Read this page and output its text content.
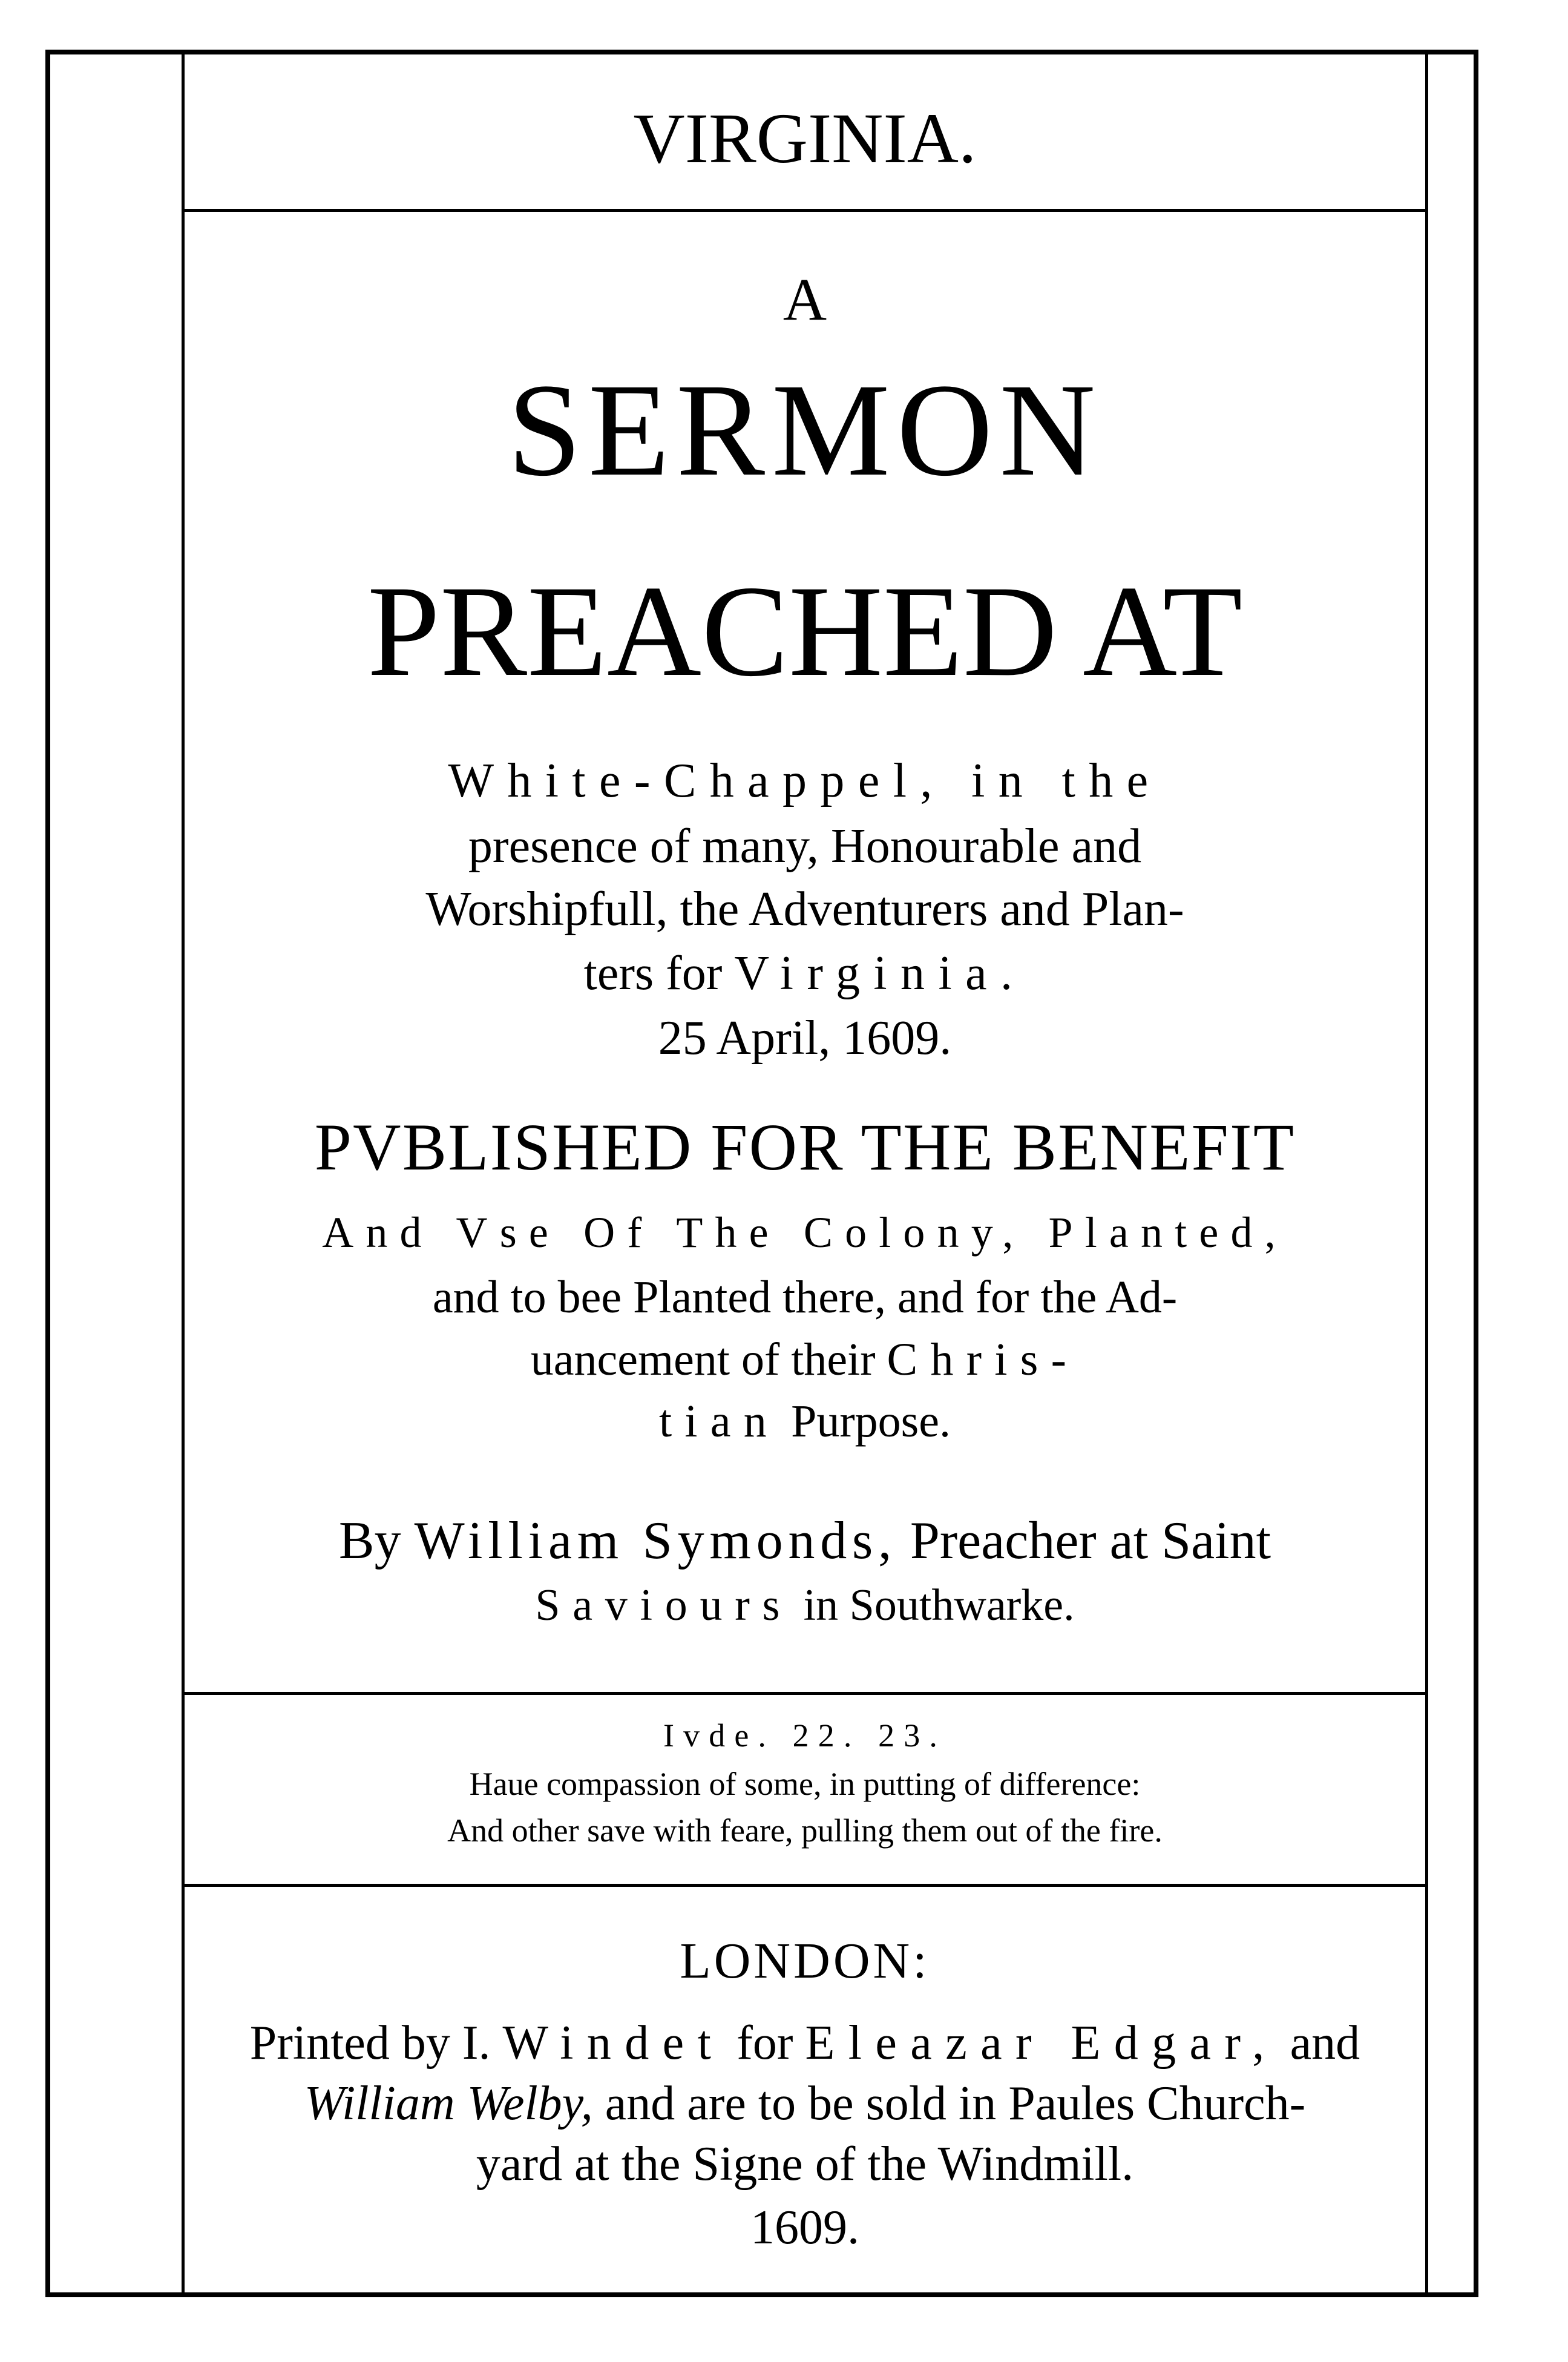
VIRGINIA.
A
SERMON
PREACHED AT
White-Chappel, in the
presence of many, Honourable and
Worshipfull, the Adventurers and Plan-
ters for Virginia.
25 April, 1609.
PVBLISHED FOR THE BENEFIT
And Vse Of The Colony, Planted,
and to bee Planted there, and for the Ad-
uancement of their Chris-
tian Purpose.
By William Symonds, Preacher at Saint
Saviours in Southwarke.
Ivde. 22. 23.
Haue compassion of some, in putting of difference:
And other save with feare, pulling them out of the fire.
LONDON:
Printed by I. Windet for Eleazar Edgar, and
William Welby, and are to be sold in Paules Church-
yard at the Signe of the Windmill.
1609.
